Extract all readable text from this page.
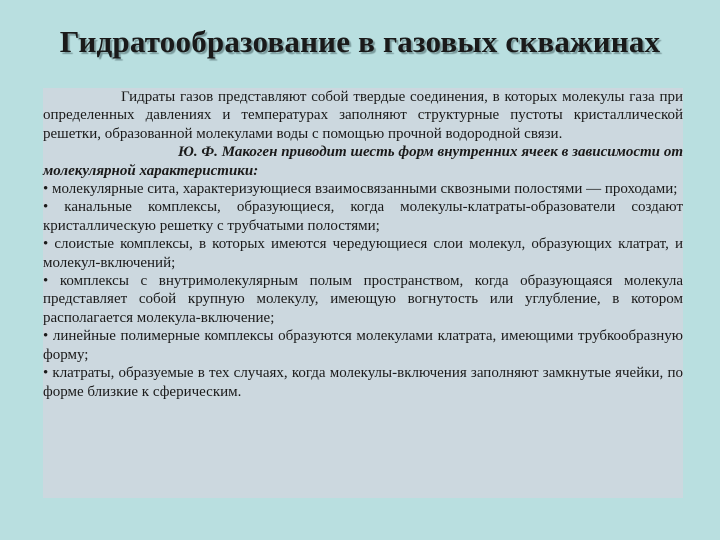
Гидратообразование в газовых скважинах

Гидраты газов представляют собой твердые соединения, в которых молекулы газа при определенных давлениях и температурах заполняют структурные пустоты кристаллической решетки, образованной молекулами воды с помощью прочной водородной связи.

Ю. Ф. Макоген приводит шесть форм внутренних ячеек в зависимости от молекулярной характеристики:

• молекулярные сита, характеризующиеся взаимосвязанными сквозными полостями — проходами;

• канальные комплексы, образующиеся, когда молекулы-клатраты-образователи создают кристаллическую решетку с трубчатыми полостями;

• слоистые комплексы, в которых имеются чередующиеся слои молекул, образующих клатрат, и молекул-включений;

• комплексы с внутримолекулярным полым пространством, когда образующаяся молекула представляет собой крупную молекулу, имеющую вогнутость или углубление, в котором располагается молекула-включение;

• линейные полимерные комплексы образуются молекулами клатрата, имеющими трубкообразную форму;

• клатраты, образуемые в тех случаях, когда молекулы-включения заполняют замкнутые ячейки, по форме близкие к сферическим.
